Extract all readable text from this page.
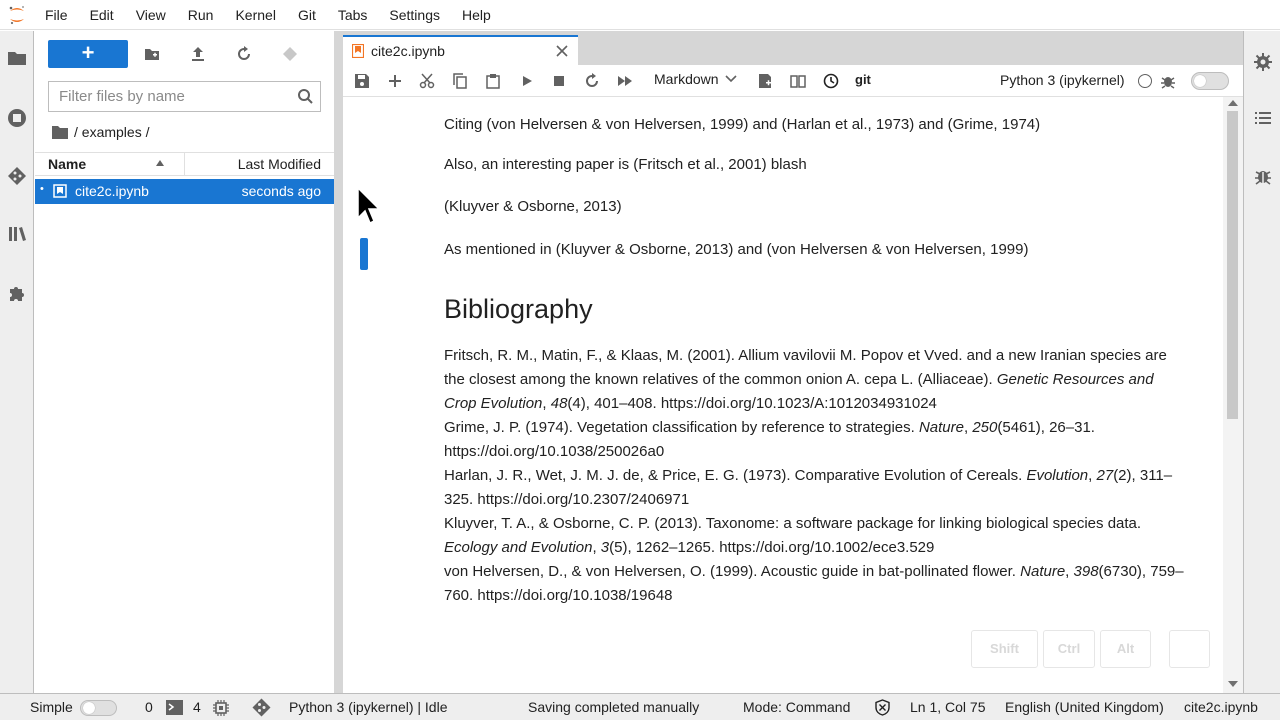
File	Edit	View	Run	Kernel	Git	Tabs	Settings	Help
+
Filter files by name
/ examples /
Name	Last Modified
• cite2c.ipynb	seconds ago
cite2c.ipynb
Markdown	git	Python 3 (ipykernel)
Citing (von Helversen & von Helversen, 1999) and (Harlan et al., 1973) and (Grime, 1974)
Also, an interesting paper is (Fritsch et al., 2001) blash
(Kluyver & Osborne, 2013)
As mentioned in (Kluyver & Osborne, 2013) and (von Helversen & von Helversen, 1999)
Bibliography
Fritsch, R. M., Matin, F., & Klaas, M. (2001). Allium vavilovii M. Popov et Vved. and a new Iranian species are the closest among the known relatives of the common onion A. cepa L. (Alliaceae). Genetic Resources and Crop Evolution, 48(4), 401–408. https://doi.org/10.1023/A:1012034931024
Grime, J. P. (1974). Vegetation classification by reference to strategies. Nature, 250(5461), 26–31. https://doi.org/10.1038/250026a0
Harlan, J. R., Wet, J. M. J. de, & Price, E. G. (1973). Comparative Evolution of Cereals. Evolution, 27(2), 311–325. https://doi.org/10.2307/2406971
Kluyver, T. A., & Osborne, C. P. (2013). Taxonome: a software package for linking biological species data. Ecology and Evolution, 3(5), 1262–1265. https://doi.org/10.1002/ece3.529
von Helversen, D., & von Helversen, O. (1999). Acoustic guide in bat-pollinated flower. Nature, 398(6730), 759–760. https://doi.org/10.1038/19648
Shift	Ctrl	Alt
Simple	0	4	Python 3 (ipykernel) | Idle	Saving completed manually	Mode: Command	Ln 1, Col 75 English (United Kingdom) cite2c.ipynb
